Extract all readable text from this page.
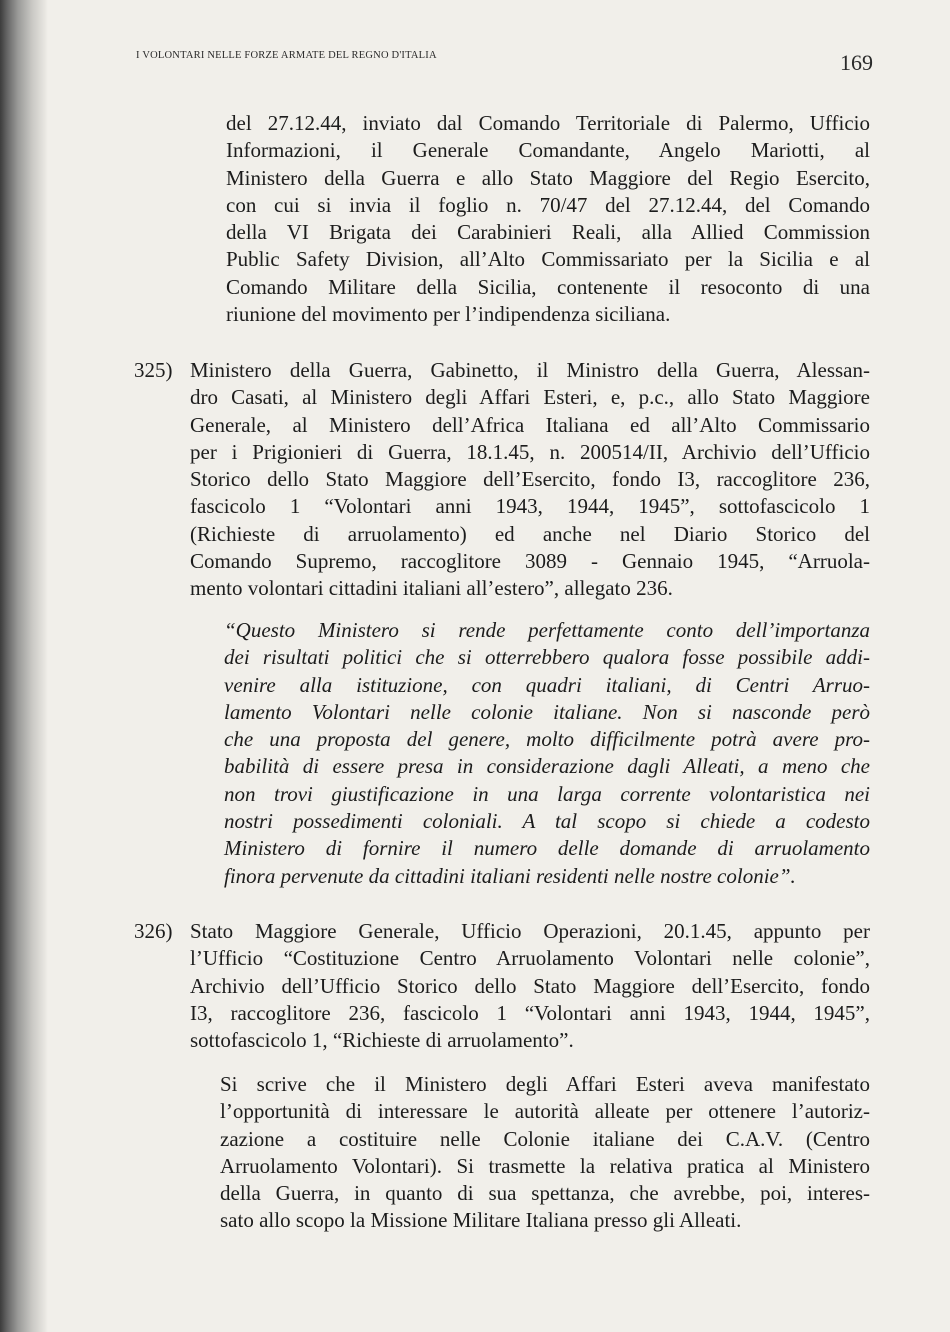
I VOLONTARI NELLE FORZE ARMATE DEL REGNO D'ITALIA	169
del 27.12.44, inviato dal Comando Territoriale di Palermo, Ufficio
Informazioni, il Generale Comandante, Angelo Mariotti, al
Ministero della Guerra e allo Stato Maggiore del Regio Esercito,
con cui si invia il foglio n. 70/47 del 27.12.44, del Comando
della VI Brigata dei Carabinieri Reali, alla Allied Commission
Public Safety Division, all’Alto Commissariato per la Sicilia e al
Comando Militare della Sicilia, contenente il resoconto di una
riunione del movimento per l’indipendenza siciliana.
325) Ministero della Guerra, Gabinetto, il Ministro della Guerra, Alessan-
dro Casati, al Ministero degli Affari Esteri, e, p.c., allo Stato Maggiore
Generale, al Ministero dell’Africa Italiana ed all’Alto Commissario
per i Prigionieri di Guerra, 18.1.45, n. 200514/II, Archivio dell’Ufficio
Storico dello Stato Maggiore dell’Esercito, fondo I3, raccoglitore 236,
fascicolo 1 “Volontari anni 1943, 1944, 1945”, sottofascicolo 1
(Richieste di arruolamento) ed anche nel Diario Storico del
Comando Supremo, raccoglitore 3089 - Gennaio 1945, “Arruola-
mento volontari cittadini italiani all’estero”, allegato 236.
“Questo Ministero si rende perfettamente conto dell’importanza
dei risultati politici che si otterrebbero qualora fosse possibile addi-
venire alla istituzione, con quadri italiani, di Centri Arruo-
lamento Volontari nelle colonie italiane. Non si nasconde però
che una proposta del genere, molto difficilmente potrà avere pro-
babilità di essere presa in considerazione dagli Alleati, a meno che
non trovi giustificazione in una larga corrente volontaristica nei
nostri possedimenti coloniali. A tal scopo si chiede a codesto
Ministero di fornire il numero delle domande di arruolamento
finora pervenute da cittadini italiani residenti nelle nostre colonie”.
326) Stato Maggiore Generale, Ufficio Operazioni, 20.1.45, appunto per
l’Ufficio “Costituzione Centro Arruolamento Volontari nelle colonie”,
Archivio dell’Ufficio Storico dello Stato Maggiore dell’Esercito, fondo
I3, raccoglitore 236, fascicolo 1 “Volontari anni 1943, 1944, 1945”,
sottofascicolo 1, “Richieste di arruolamento”.
Si scrive che il Ministero degli Affari Esteri aveva manifestato
l’opportunità di interessare le autorità alleate per ottenere l’autoriz-
zazione a costituire nelle Colonie italiane dei C.A.V. (Centro
Arruolamento Volontari). Si trasmette la relativa pratica al Ministero
della Guerra, in quanto di sua spettanza, che avrebbe, poi, interes-
sato allo scopo la Missione Militare Italiana presso gli Alleati.
